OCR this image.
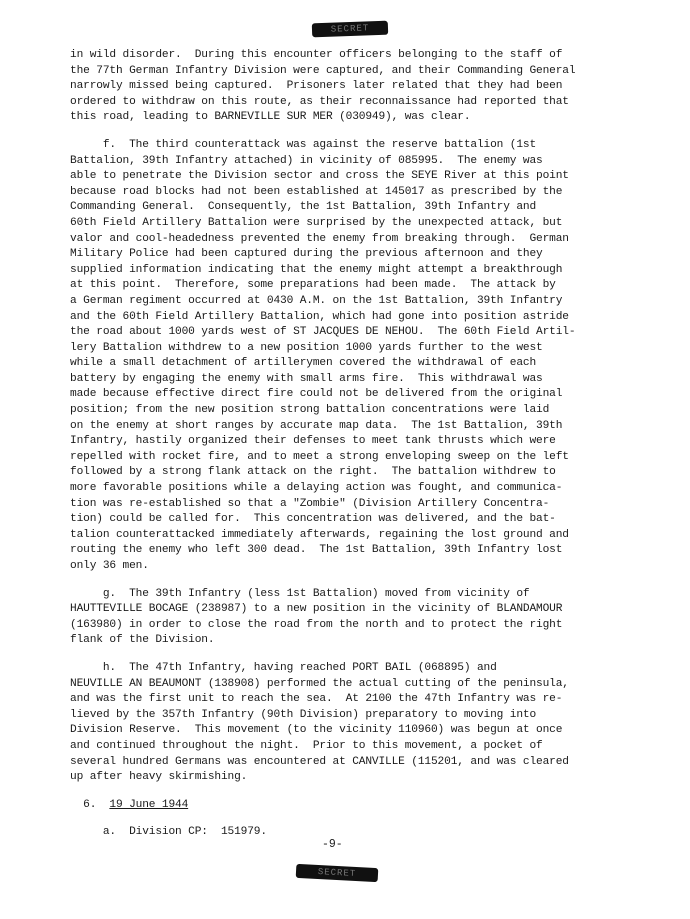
SECRET
in wild disorder.  During this encounter officers belonging to the staff of
the 77th German Infantry Division were captured, and their Commanding General
narrowly missed being captured.  Prisoners later related that they had been
ordered to withdraw on this route, as their reconnaissance had reported that
this road, leading to BARNEVILLE SUR MER (030949), was clear.
f.  The third counterattack was against the reserve battalion (1st
Battalion, 39th Infantry attached) in vicinity of 085995.  The enemy was
able to penetrate the Division sector and cross the SEYE River at this point
because road blocks had not been established at 145017 as prescribed by the
Commanding General.  Consequently, the 1st Battalion, 39th Infantry and
60th Field Artillery Battalion were surprised by the unexpected attack, but
valor and cool-headedness prevented the enemy from breaking through.  German
Military Police had been captured during the previous afternoon and they
supplied information indicating that the enemy might attempt a breakthrough
at this point.  Therefore, some preparations had been made.  The attack by
a German regiment occurred at 0430 A.M. on the 1st Battalion, 39th Infantry
and the 60th Field Artillery Battalion, which had gone into position astride
the road about 1000 yards west of ST JACQUES DE NEHOU.  The 60th Field Artil-
lery Battalion withdrew to a new position 1000 yards further to the west
while a small detachment of artillerymen covered the withdrawal of each
battery by engaging the enemy with small arms fire.  This withdrawal was
made because effective direct fire could not be delivered from the original
position; from the new position strong battalion concentrations were laid
on the enemy at short ranges by accurate map data.  The 1st Battalion, 39th
Infantry, hastily organized their defenses to meet tank thrusts which were
repelled with rocket fire, and to meet a strong enveloping sweep on the left
followed by a strong flank attack on the right.  The battalion withdrew to
more favorable positions while a delaying action was fought, and communica-
tion was re-established so that a "Zombie" (Division Artillery Concentra-
tion) could be called for.  This concentration was delivered, and the bat-
talion counterattacked immediately afterwards, regaining the lost ground and
routing the enemy who left 300 dead.  The 1st Battalion, 39th Infantry lost
only 36 men.
g.  The 39th Infantry (less 1st Battalion) moved from vicinity of
HAUTTEVILLE BOCAGE (238987) to a new position in the vicinity of BLANDAMOUR
(163980) in order to close the road from the north and to protect the right
flank of the Division.
h.  The 47th Infantry, having reached PORT BAIL (068895) and
NEUVILLE AN BEAUMONT (138908) performed the actual cutting of the peninsula,
and was the first unit to reach the sea.  At 2100 the 47th Infantry was re-
lieved by the 357th Infantry (90th Division) preparatory to moving into
Division Reserve.  This movement (to the vicinity 110960) was begun at once
and continued throughout the night.  Prior to this movement, a pocket of
several hundred Germans was encountered at CANVILLE (115201, and was cleared
up after heavy skirmishing.
6.  19 June 1944
a.  Division CP:  151979.
-9-
SECRET
